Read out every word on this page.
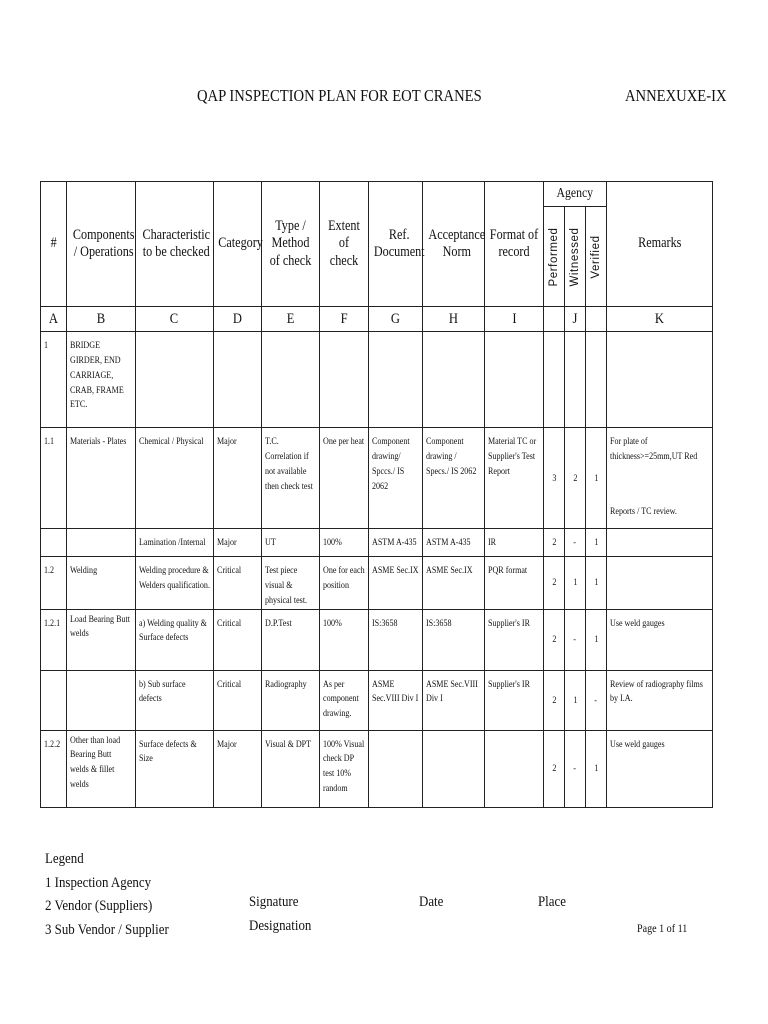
QAP INSPECTION PLAN FOR EOT CRANES	ANNEXUXE-IX
#	Components / Operations	Characteristic to be checked	Category	Type / Method of check	Extent of check	Ref. Document	Acceptance Norm	Format of record	Agency			Remarks

									Performed	Witnessed	Verified	

A	B	C	D	E	F	G	H	I		J		K
1	BRIDGE GIRDER, END CARRIAGE, CRAB, FRAME ETC.											
1.1	Materials - Plates	Chemical / Physical	Major	T.C. Correlation if not available then check test	One per heat	Component drawing/ Spccs./ IS 2062	Component drawing / Specs./ IS 2062	Material TC or Supplier's Test Report	3	2	1	For plate of thickness>=25mm,UT Red
Reports / TC review.

		Lamination /Internal	Major	UT	100%	ASTM A-435	ASTM A-435	IR	2	-	1	
1.2	Welding	Welding procedure & Welders qualification.	Critical	Test piece visual & physical test.	One for each position	ASME Sec.IX	ASME Sec.IX	PQR format	2	1	1	
1.2.1	Load Bearing Butt welds	a) Welding quality & Surface defects	Critical	D.P.Test	100%	IS:3658	IS:3658	Supplier's IR	2	-	1	Use weld gauges
		b) Sub surface defects	Critical	Radiography	As per component drawing.	ASME Sec.VIII Div I	ASME Sec.VIII Div I	Supplier's IR	2	1	-	Review of radiography films by I.A.
1.2.2	Other than load Bearing Butt welds & fillet welds	Surface defects & Size	Major	Visual & DPT	100% Visual check DP test 10% random				2	-	1	Use weld gauges
Legend
1 Inspection Agency
2 Vendor (Suppliers)
3 Sub Vendor / Supplier
Signature
Designation
Date	Place
Page 1 of 11
